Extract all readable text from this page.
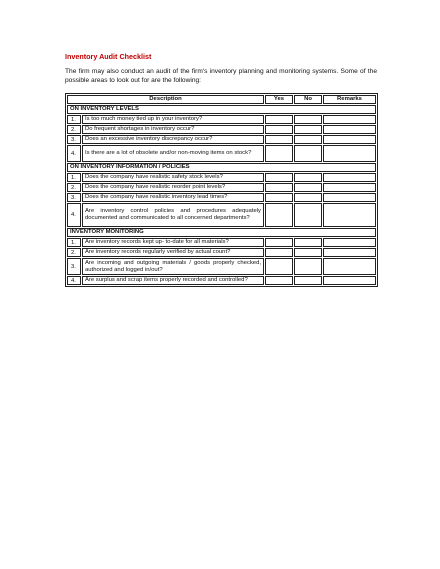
Inventory Audit Checklist
The firm may also conduct an audit of the firm's inventory planning and monitoring systems. Some of the possible areas to look out for are the following:
Description		Yes	No	Remarks
ON INVENTORY LEVELS				
1.	Is too much money tied up in your inventory?			
2.	Do frequent shortages in inventory occur?			
3.	Does an excessive inventory discrepancy occur?			
4.	Is there are a lot of obsolete and/or non-moving items on stock?			
ON INVENTORY INFORMATION / POLICIES				
1.	Does the company have realistic safety stock levels?			
2.	Does the company have realistic reorder point levels?			
3.	Does the company have realistic inventory lead times?			
4.	Are inventory control policies and procedures adequately documented and communicated to all concerned departments?			
INVENTORY MONITORING				
1.	Are inventory records kept up- to-date for all materials?			
2.	Are inventory records regularly verified by actual count?			
3.	Are incoming and outgoing materials / goods properly checked, authorized and logged in/out?			
4.	Are surplus and scrap items properly recorded and controlled?			
